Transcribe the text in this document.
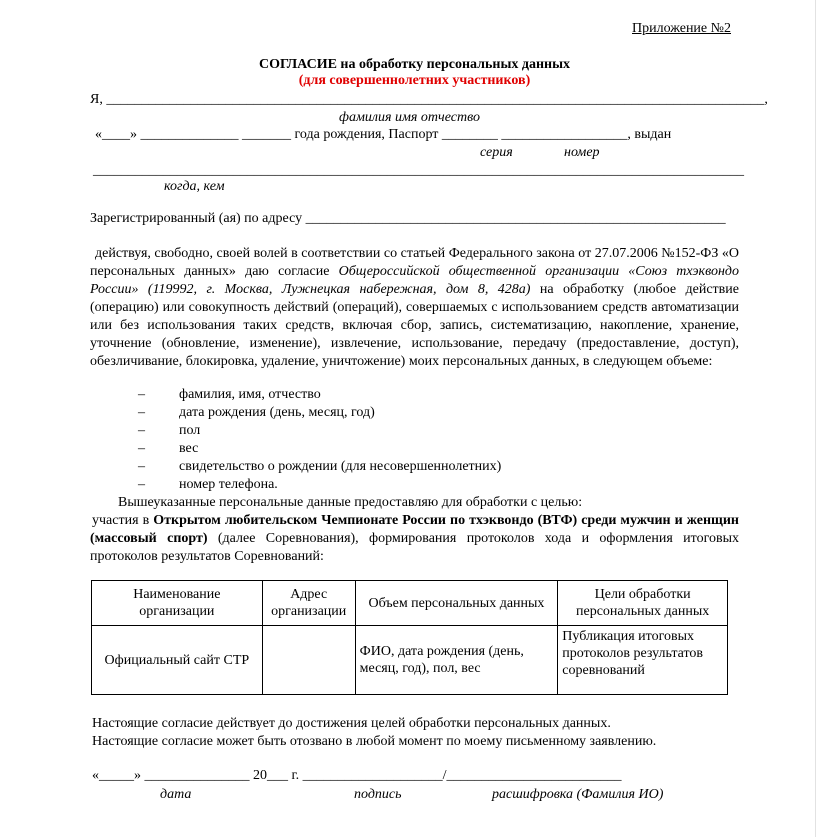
Приложение №2
СОГЛАСИЕ на обработку персональных данных
(для совершеннолетних участников)
Я, ______________________________________________________________________________________________,
фамилия имя отчество
«____» ______________ _______ года рождения, Паспорт ________ __________________, выдан
серия	номер
_____________________________________________________________________________________________
когда, кем
Зарегистрированный (ая) по адресу ____________________________________________________________
действуя, свободно, своей волей в соответствии со статьей Федерального закона от 27.07.2006 №152-ФЗ «О персональных данных» даю согласие Общероссийской общественной организации «Союз тхэквондо России» (119992, г. Москва, Лужнецкая набережная, дом 8, 428а) на обработку (любое действие (операцию) или совокупность действий (операций), совершаемых с использованием средств автоматизации или без использования таких средств, включая сбор, запись, систематизацию, накопление, хранение, уточнение (обновление, изменение), извлечение, использование, передачу (предоставление, доступ), обезличивание, блокировка, удаление, уничтожение) моих персональных данных, в следующем объеме:
– фамилия, имя, отчество
– дата рождения (день, месяц, год)
– пол
– вес
– свидетельство о рождении (для несовершеннолетних)
– номер телефона.
Вышеуказанные персональные данные предоставляю для обработки с целью:
участия в Открытом любительском Чемпионате России по тхэквондо (ВТФ) среди мужчин и женщин (массовый спорт) (далее Соревнования), формирования протоколов хода и оформления итоговых протоколов результатов Соревнований:
Наименование организации	Адрес организации	Объем персональных данных	Цели обработки персональных данных
Официальный сайт СТР		ФИО, дата рождения (день, месяц, год), пол, вес	Публикация итоговых протоколов результатов соревнований
Настоящие согласие действует до достижения целей обработки персональных данных.
Настоящие согласие может быть отозвано в любой момент по моему письменному заявлению.
«_____» _______________ 20___ г. ____________________/_________________________
дата	подпись	расшифровка (Фамилия ИО)
